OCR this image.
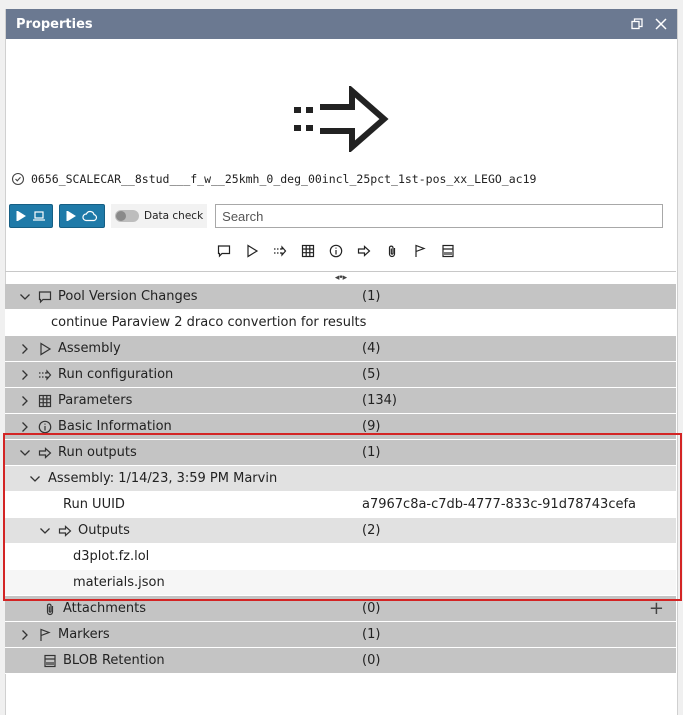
Properties
0656_SCALECAR__8stud___f_w__25kmh_0_deg_00incl_25pct_1st-pos_xx_LEGO_ac19
Data check
Search
◂•▸
Pool Version Changes	(1)
continue Paraview 2 draco convertion for results
Assembly	(4)
Run configuration	(5)
Parameters	(134)
Basic Information	(9)
Run outputs	(1)
Assembly: 1/14/23, 3:59 PM Marvin
Run UUID	a7967c8a-c7db-4777-833c-91d78743cefa
Outputs	(2)
d3plot.fz.lol
materials.json
Attachments	(0)	+
Markers	(1)
BLOB Retention	(0)
